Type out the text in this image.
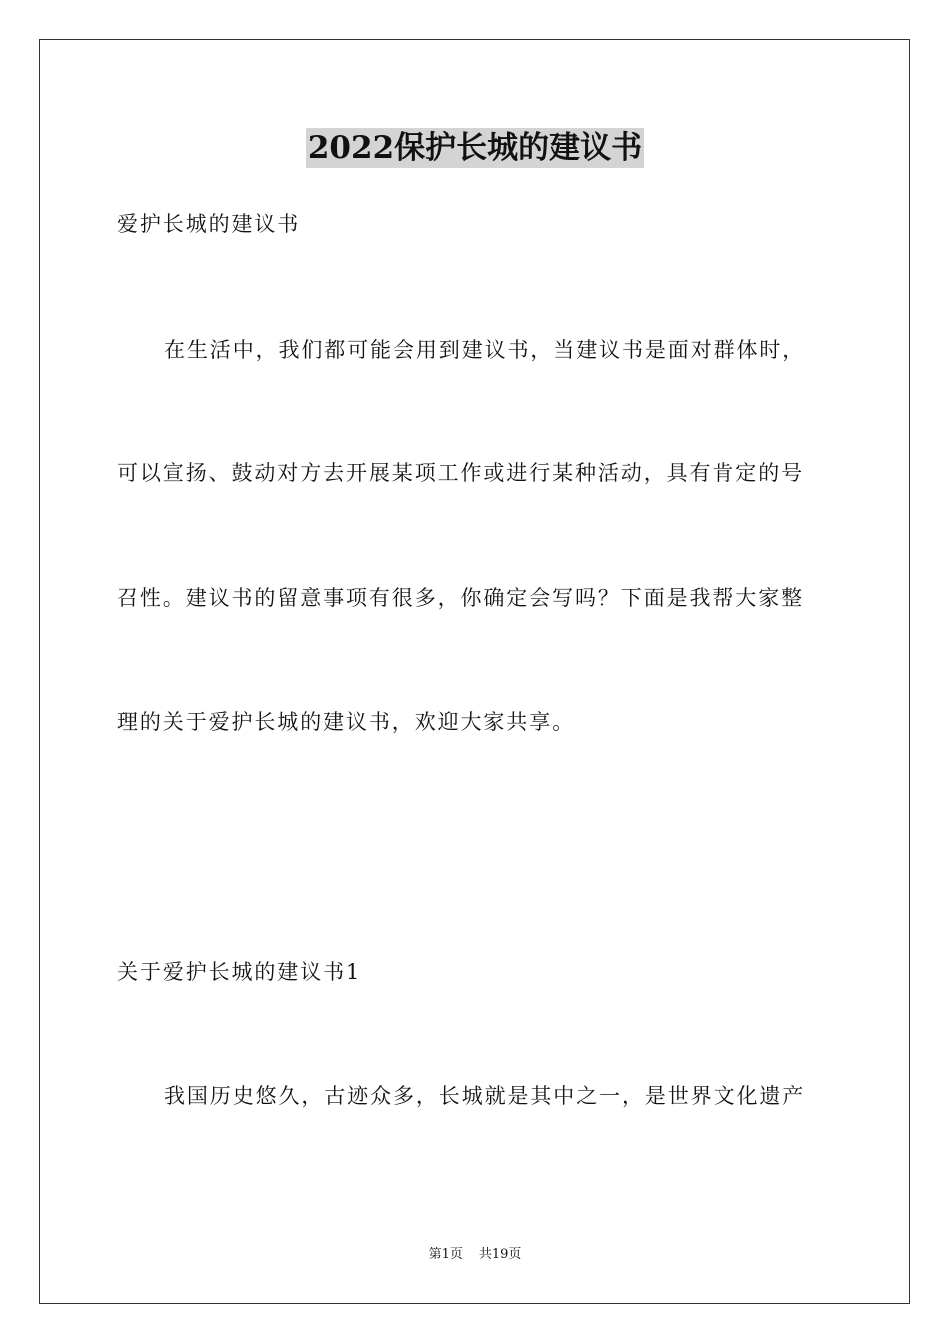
2022保护长城的建议书
爱护长城的建议书
在生活中，我们都可能会用到建议书，当建议书是面对群体时，
可以宣扬、鼓动对方去开展某项工作或进行某种活动，具有肯定的号
召性。建议书的留意事项有很多，你确定会写吗？下面是我帮大家整
理的关于爱护长城的建议书，欢迎大家共享。
关于爱护长城的建议书1
我国历史悠久，古迹众多，长城就是其中之一，是世界文化遗产
第1页 共19页
